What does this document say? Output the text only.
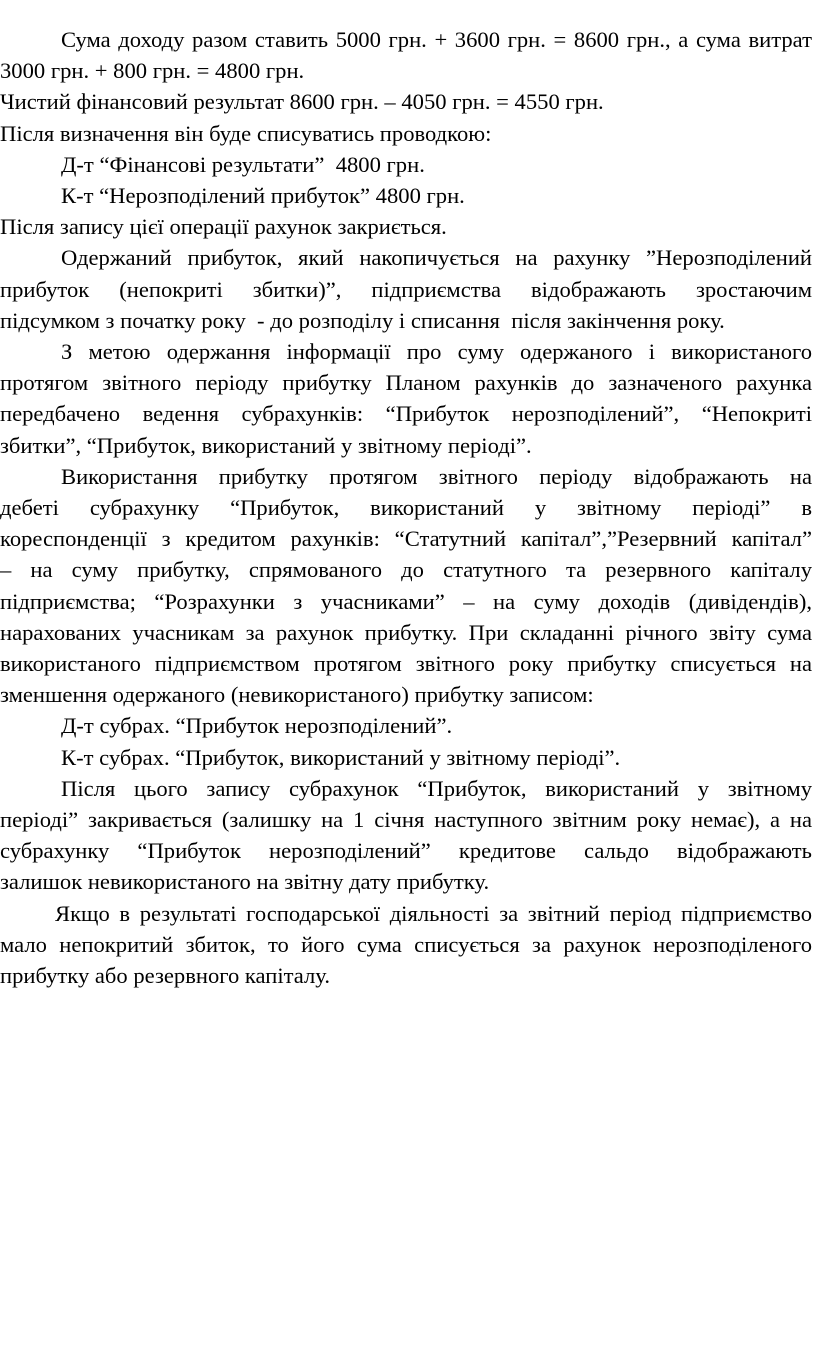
Сума доходу разом ставить 5000 грн. + 3600 грн. = 8600 грн., а сума витрат
3000 грн. + 800 грн. = 4800 грн.
Чистий фінансовий результат 8600 грн. – 4050 грн. = 4550 грн.
Після визначення він буде списуватись проводкою:
Д-т “Фінансові результати”  4800 грн.
К-т “Нерозподілений прибуток” 4800 грн.
Після запису цієї операції рахунок закриється.
Одержаний прибуток, який накопичується на рахунку ”Нерозподілений
прибуток (непокриті збитки)”, підприємства відображають зростаючим
підсумком з початку року  - до розподілу і списання  після закінчення року.
З метою одержання інформації про суму одержаного і використаного
протягом звітного періоду прибутку Планом рахунків до зазначеного рахунка
передбачено ведення субрахунків: “Прибуток нерозподілений”, “Непокриті
збитки”, “Прибуток, використаний у звітному періоді”.
Використання прибутку протягом звітного періоду відображають на
дебеті субрахунку “Прибуток, використаний у звітному періоді” в
кореспонденції з кредитом рахунків: “Статутний капітал”,”Резервний капітал”
– на суму прибутку, спрямованого до статутного та резервного капіталу
підприємства; “Розрахунки з учасниками” – на суму доходів (дивідендів),
нарахованих учасникам за рахунок прибутку. При складанні річного звіту сума
використаного підприємством протягом звітного року прибутку списується на
зменшення одержаного (невикористаного) прибутку записом:
Д-т субрах. “Прибуток нерозподілений”.
К-т субрах. “Прибуток, використаний у звітному періоді”.
Після цього запису субрахунок “Прибуток, використаний у звітному
періоді” закривається (залишку на 1 січня наступного звітним року немає), а на
субрахунку “Прибуток нерозподілений” кредитове сальдо відображають
залишок невикористаного на звітну дату прибутку.
Якщо в результаті господарської діяльності за звітний період підприємство
мало непокритий збиток, то його сума списується за рахунок нерозподіленого
прибутку або резервного капіталу.
